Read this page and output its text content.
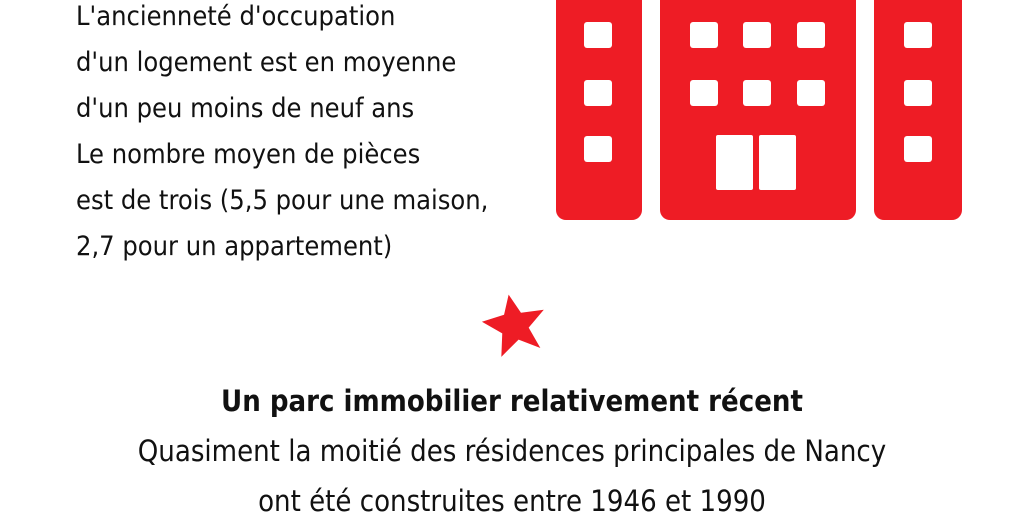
L'ancienneté d'occupation
d'un logement est en moyenne
d'un peu moins de neuf ans
Le nombre moyen de pièces
est de trois (5,5 pour une maison,
2,7 pour un appartement)
Un parc immobilier relativement récent
Quasiment la moitié des résidences principales de Nancy
ont été construites entre 1946 et 1990
